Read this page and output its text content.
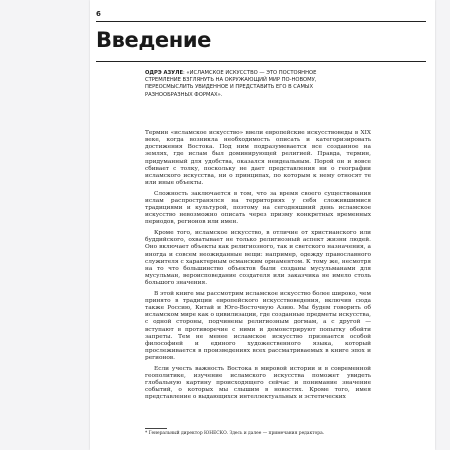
6
Введение
ОДРЭ АЗУЛЕ: «ИСЛАМСКОЕ ИСКУССТВО — ЭТО ПОСТОЯННОЕ СТРЕМЛЕНИЕ ВЗГЛЯНУТЬ НА ОКРУЖАЮЩИЙ МИР ПО-НОВОМУ, ПЕРЕОСМЫСЛИТЬ УВИДЕННОЕ И ПРЕДСТАВИТЬ ЕГО В САМЫХ РАЗНООБРАЗНЫХ ФОРМАХ».

Термин «исламское искусство» ввели европейские искусствоведы в XIX веке, когда возникла необходимость описать и категоризировать достижения Востока. Под ним подразумевается все созданное на землях, где ислам был доминирующей религией. Правда, термин, придуманный для удобства, оказался неидеальным. Порой он и вовсе сбивает с толку, поскольку не дает представления ни о географии исламского искусства, ни о принципах, по которым к нему относят те или иные объекты.

Сложность заключается в том, что за время своего существования ислам распространялся на территориях у себя сложившимися традициями и культурой, поэтому на сегодняшний день исламское искусство невозможно описать через призму конкретных временных периодов, регионов или имен.

Кроме того, исламское искусство, в отличие от христианского или буддийского, охватывает не только религиозный аспект жизни людей. Оно включает объекты как религиозного, так и светского назначения, а иногда и совсем неожиданные вещи: например, одежду православного служителя с характерным османским орнаментом. К тому же, несмотря на то что большинство объектов были созданы мусульманами для мусульман, вероисповедание создателя или заказчика не имело столь большого значения.

В этой книге мы рассмотрим исламское искусство более широко, чем принято в традиции европейского искусствоведения, включив сюда также Россию, Китай и Юго-Восточную Азию. Мы будем говорить об исламском мире как о цивилизации, где созданные предметы искусства, с одной стороны, подчинены религиозным догмам, а с другой — вступают в противоречие с ними и демонстрируют попытку обойти запреты. Тем не менее исламское искусство признается особой философией и единого художественного языка, который прослеживается в произведениях всех рассматриваемых в книге эпох и регионов.

Если учесть важность Востока в мировой истории и в современной геополитике, изучение исламского искусства поможет увидеть глобальную картину происходящего сейчас и понимание значение событий, о которых мы слышим в новостях. Кроме того, имея представление о выдающихся интеллектуальных и эстетических

* Генеральный директор ЮНЕСКО. Здесь и далее — примечания редактора.
